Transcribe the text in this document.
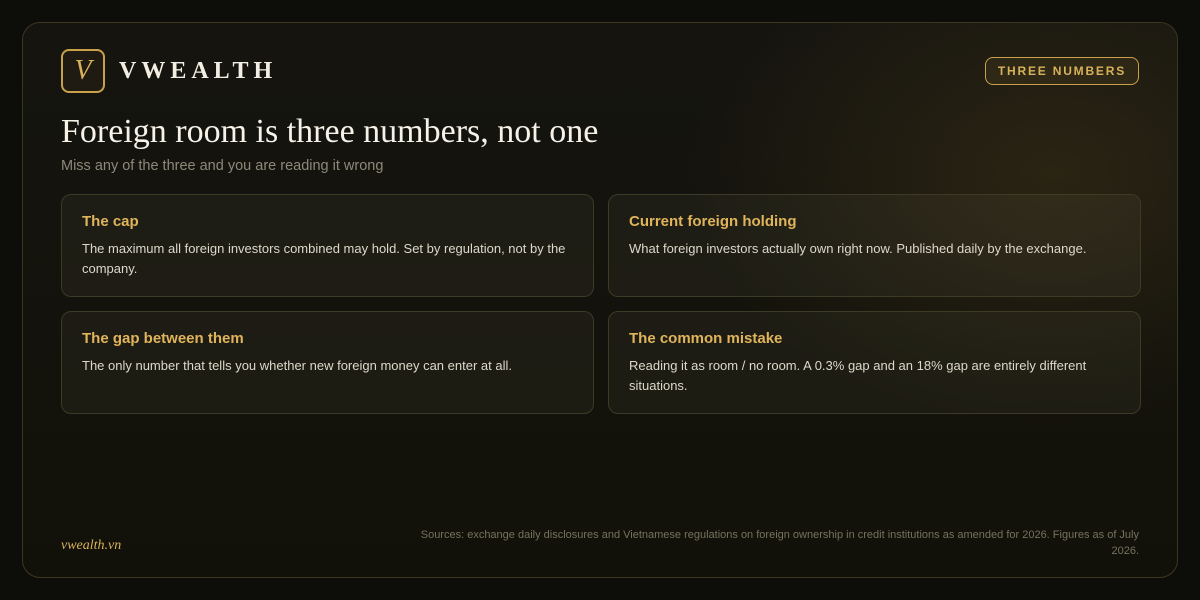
V VWEALTH	THREE NUMBERS
Foreign room is three numbers, not one

Miss any of the three and you are reading it wrong

The cap
The maximum all foreign investors combined may hold. Set by regulation, not by the company.
Current foreign holding
What foreign investors actually own right now. Published daily by the exchange.
The gap between them
The only number that tells you whether new foreign money can enter at all.
The common mistake
Reading it as room / no room. A 0.3% gap and an 18% gap are entirely different situations.
vwealth.vn

Sources: exchange daily disclosures and Vietnamese regulations on foreign ownership in credit institutions as amended for 2026. Figures as of July 2026.
